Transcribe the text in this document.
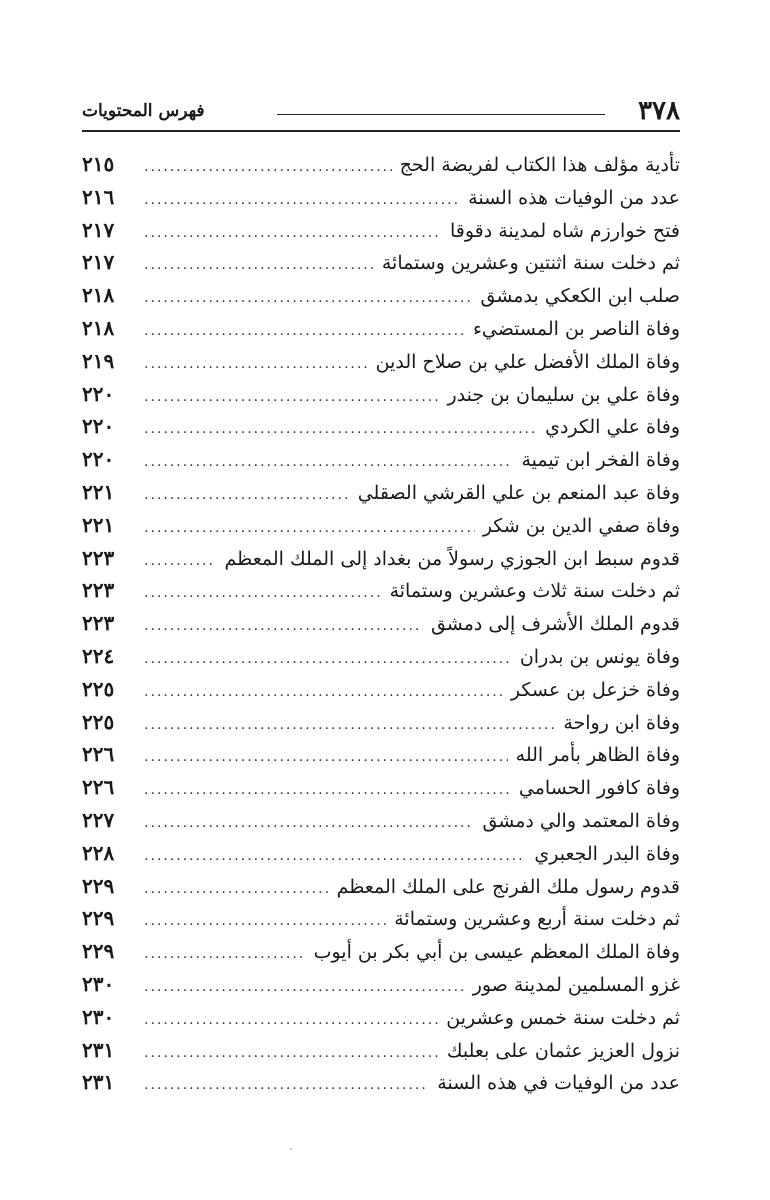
٣٧٨
فهرس المحتويات
تأدية مؤلف هذا الكتاب لفريضة الحج
.....
٢١٥
عدد من الوفيات هذه السنة
.....
٢١٦
فتح خوارزم شاه لمدينة دقوقا
.....
٢١٧
ثم دخلت سنة اثنتين وعشرين وستمائة
.....
٢١٧
صلب ابن الكعكي بدمشق
.....
٢١٨
وفاة الناصر بن المستضيء
.....
٢١٨
وفاة الملك الأفضل علي بن صلاح الدين
.....
٢١٩
وفاة علي بن سليمان بن جندر
.....
٢٢٠
وفاة علي الكردي
.....
٢٢٠
وفاة الفخر ابن تيمية
.....
٢٢٠
وفاة عبد المنعم بن علي القرشي الصقلي
.....
٢٢١
وفاة صفي الدين بن شكر
.....
٢٢١
قدوم سبط ابن الجوزي رسولاً من بغداد إلى الملك المعظم
.....
٢٢٣
ثم دخلت سنة ثلاث وعشرين وستمائة
.....
٢٢٣
قدوم الملك الأشرف إلى دمشق
.....
٢٢٣
وفاة يونس بن بدران
.....
٢٢٤
وفاة خزعل بن عسكر
.....
٢٢٥
وفاة ابن رواحة
.....
٢٢٥
وفاة الظاهر بأمر الله
.....
٢٢٦
وفاة كافور الحسامي
.....
٢٢٦
وفاة المعتمد والي دمشق
.....
٢٢٧
وفاة البدر الجعبري
.....
٢٢٨
قدوم رسول ملك الفرنج على الملك المعظم
.....
٢٢٩
ثم دخلت سنة أربع وعشرين وستمائة
.....
٢٢٩
وفاة الملك المعظم عيسى بن أبي بكر بن أيوب
.....
٢٢٩
غزو المسلمين لمدينة صور
.....
٢٣٠
ثم دخلت سنة خمس وعشرين
.....
٢٣٠
نزول العزيز عثمان على بعلبك
.....
٢٣١
عدد من الوفيات في هذه السنة
.....
٢٣١
